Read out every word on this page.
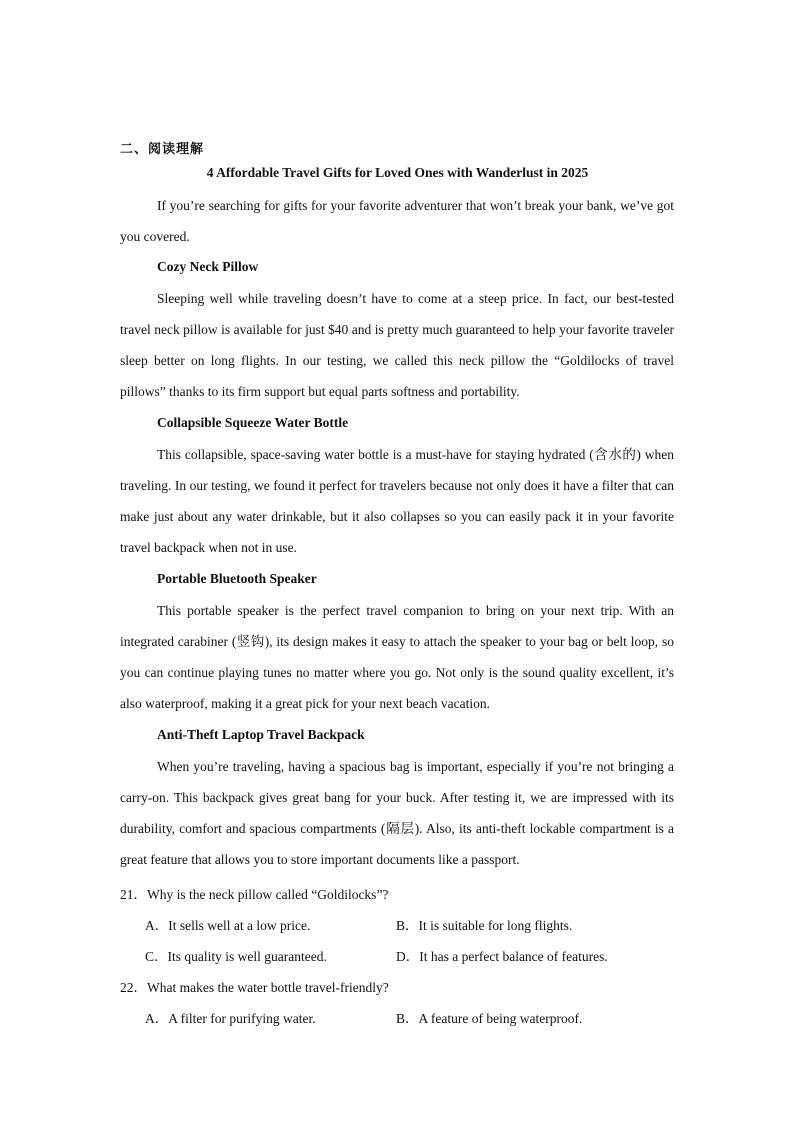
二、阅读理解
4 Affordable Travel Gifts for Loved Ones with Wanderlust in 2025

If you’re searching for gifts for your favorite adventurer that won’t break your bank, we’ve got you covered.

Cozy Neck Pillow

Sleeping well while traveling doesn’t have to come at a steep price. In fact, our best-tested travel neck pillow is available for just $40 and is pretty much guaranteed to help your favorite traveler sleep better on long flights. In our testing, we called this neck pillow the “Goldilocks of travel pillows” thanks to its firm support but equal parts softness and portability.

Collapsible Squeeze Water Bottle

This collapsible, space-saving water bottle is a must-have for staying hydrated (含水的) when traveling. In our testing, we found it perfect for travelers because not only does it have a filter that can make just about any water drinkable, but it also collapses so you can easily pack it in your favorite travel backpack when not in use.

Portable Bluetooth Speaker

This portable speaker is the perfect travel companion to bring on your next trip. With an integrated carabiner (竖钩), its design makes it easy to attach the speaker to your bag or belt loop, so you can continue playing tunes no matter where you go. Not only is the sound quality excellent, it’s also waterproof, making it a great pick for your next beach vacation.

Anti-Theft Laptop Travel Backpack

When you’re traveling, having a spacious bag is important, especially if you’re not bringing a carry-on. This backpack gives great bang for your buck. After testing it, we are impressed with its durability, comfort and spacious compartments (隔层). Also, its anti-theft lockable compartment is a great feature that allows you to store important documents like a passport.

21．Why is the neck pillow called “Goldilocks”?
A．It sells well at a low price.	B．It is suitable for long flights.
C．Its quality is well guaranteed.	D．It has a perfect balance of features.
22．What makes the water bottle travel-friendly?
A．A filter for purifying water.	B．A feature of being waterproof.
